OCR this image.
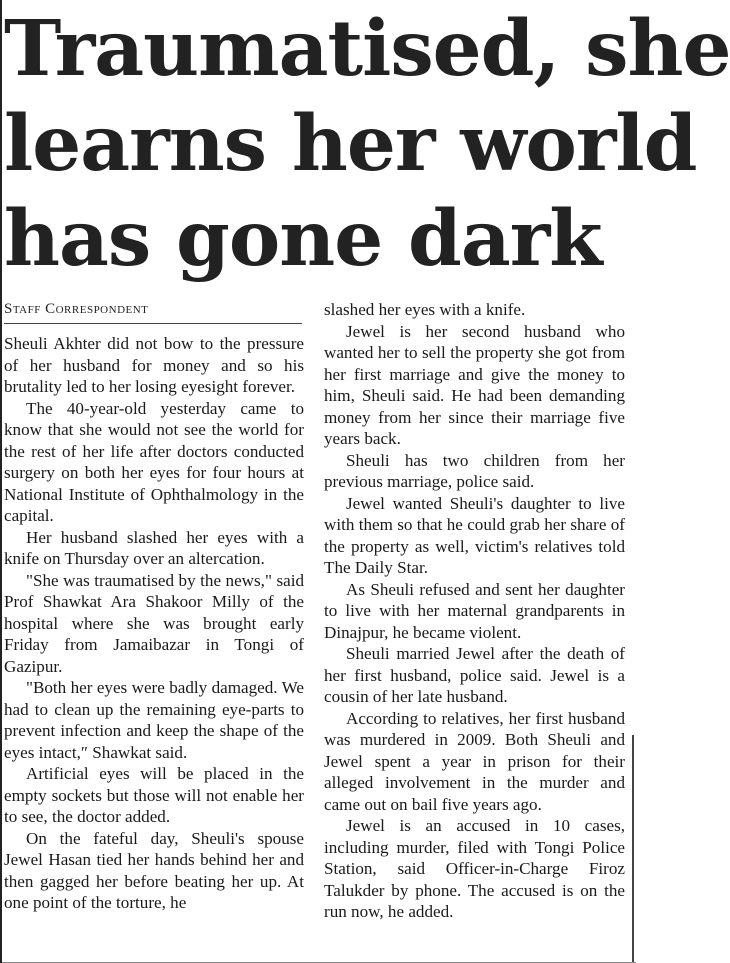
Traumatised, she
learns her world
has gone dark
Staff Correspondent

Sheuli Akhter did not bow to the pressure of her husband for money and so his brutality led to her losing eyesight forever.

The 40-year-old yesterday came to know that she would not see the world for the rest of her life after doctors conducted surgery on both her eyes for four hours at National Institute of Ophthalmology in the capital.

Her husband slashed her eyes with a knife on Thursday over an altercation.

"She was traumatised by the news," said Prof Shawkat Ara Shakoor Milly of the hospital where she was brought early Friday from Jamaibazar in Tongi of Gazipur.

"Both her eyes were badly damaged. We had to clean up the remaining eye-parts to prevent infection and keep the shape of the eyes intact,″ Shawkat said.

Artificial eyes will be placed in the empty sockets but those will not enable her to see, the doctor added.

On the fateful day, Sheuli's spouse Jewel Hasan tied her hands behind her and then gagged her before beating her up. At one point of the torture, he

slashed her eyes with a knife.

Jewel is her second husband who wanted her to sell the property she got from her first marriage and give the money to him, Sheuli said. He had been demanding money from her since their marriage five years back.

Sheuli has two children from her previous marriage, police said.

Jewel wanted Sheuli's daughter to live with them so that he could grab her share of the property as well, victim's relatives told The Daily Star.

As Sheuli refused and sent her daughter to live with her maternal grandparents in Dinajpur, he became violent.

Sheuli married Jewel after the death of her first husband, police said. Jewel is a cousin of her late husband.

According to relatives, her first husband was murdered in 2009. Both Sheuli and Jewel spent a year in prison for their alleged involvement in the murder and came out on bail five years ago.

Jewel is an accused in 10 cases, including murder, filed with Tongi Police Station, said Officer-in-Charge Firoz Talukder by phone. The accused is on the run now, he added.
